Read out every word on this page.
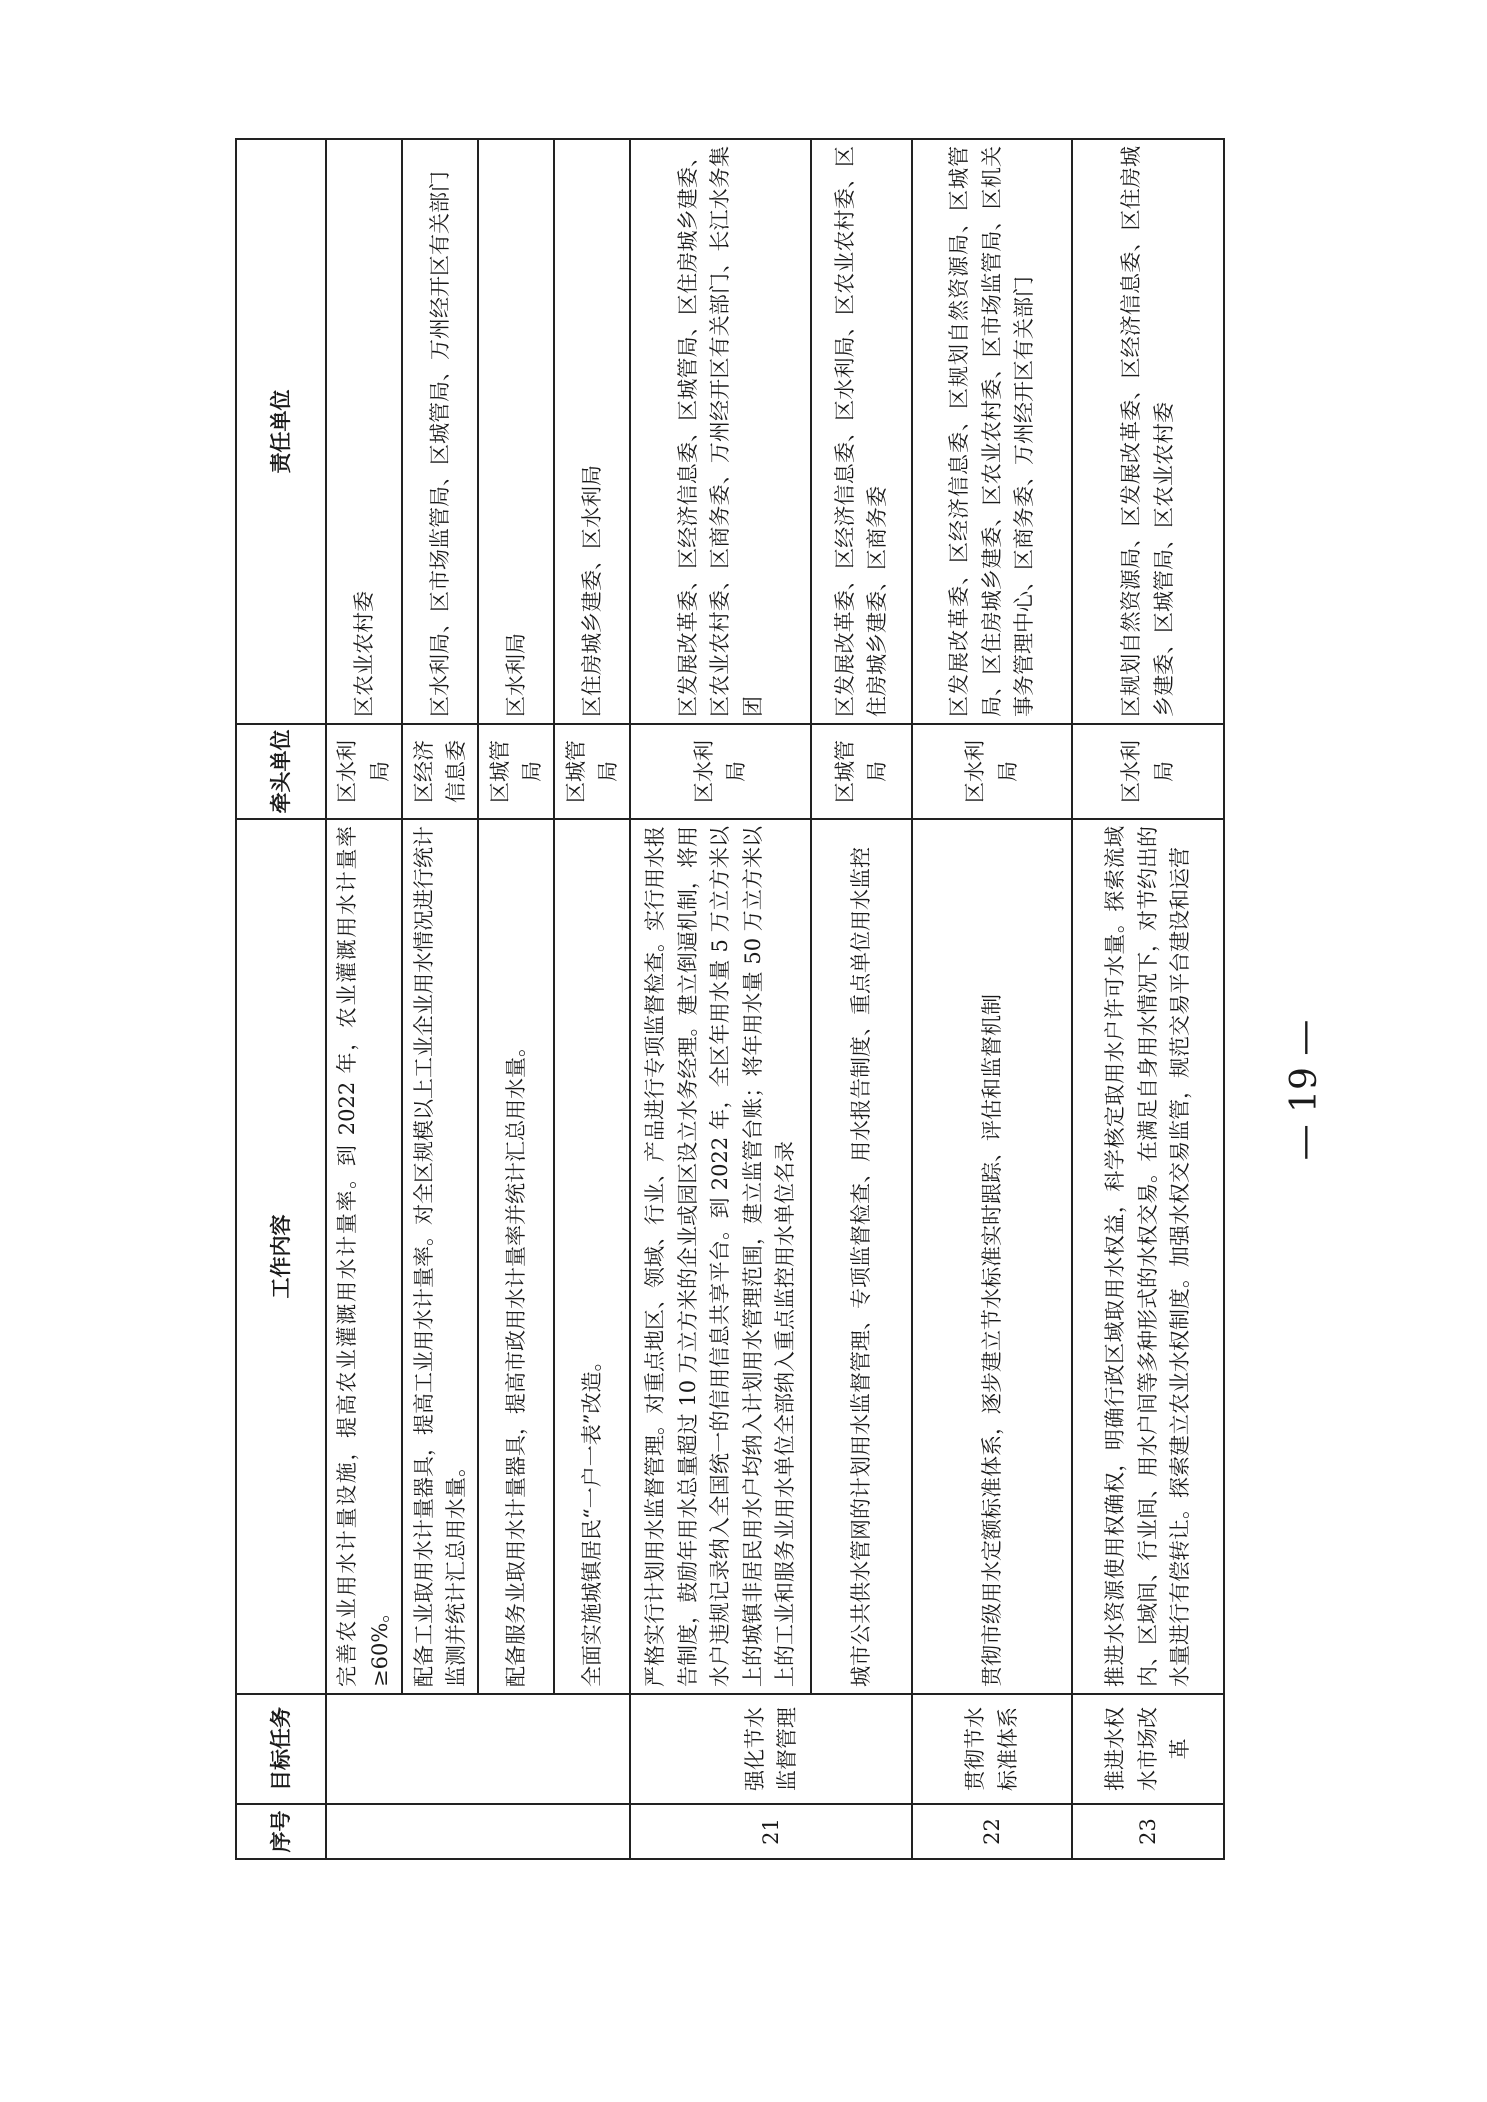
序号	目标任务	工作内容	牵头单位	责任单位
		完善农业用水计量设施，提高农业灌溉用水计量率。到 2022 年，农业灌溉用水计量率≥60%。	区水利局	区农业农村委
		配备工业取用水计量器具，提高工业用水计量率。对全区规模以上工业企业用水情况进行统计监测并统计汇总用水量。	区经济信息委	区水利局、区市场监管局、区城管局、万州经开区有关部门
		配备服务业取用水计量器具，提高市政用水计量率并统计汇总用水量。	区城管局	区水利局
		全面实施城镇居民“一户一表”改造。	区城管局	区住房城乡建委、区水利局
21	强化节水监督管理	严格实行计划用水监督管理。对重点地区、领域、行业、产品进行专项监督检查。实行用水报告制度，鼓励年用水总量超过 10 万立方米的企业或园区设立水务经理。建立倒逼机制，将用水户违规记录纳入全国统一的信用信息共享平台。到 2022 年，全区年用水量 5 万立方米以上的城镇非居民用水户均纳入计划用水管理范围，建立监管台账；将年用水量 50 万立方米以上的工业和服务业用水单位全部纳入重点监控用水单位名录	区水利局	区发展改革委、区经济信息委、区城管局、区住房城乡建委、区农业农村委、区商务委、万州经开区有关部门、长江水务集团
		城市公共供水管网的计划用水监督管理、专项监督检查、用水报告制度、重点单位用水监控	区城管局	区发展改革委、区经济信息委、区水利局、区农业农村委、区住房城乡建委、区商务委
22	贯彻节水标准体系	贯彻市级用水定额标准体系，逐步建立节水标准实时跟踪、评估和监督机制	区水利局	区发展改革委、区经济信息委、区规划自然资源局、区城管局、区住房城乡建委、区农业农村委、区市场监管局、区机关事务管理中心、区商务委、万州经开区有关部门
23	推进水权水市场改革	推进水资源使用权确权，明确行政区域取用水权益，科学核定取用水户许可水量。探索流域内、区域间、行业间、用水户间等多种形式的水权交易。在满足自身用水情况下，对节约出的水量进行有偿转让。探索建立农业水权制度。加强水权交易监管，规范交易平台建设和运营	区水利局	区规划自然资源局、区发展改革委、区经济信息委、区住房城乡建委、区城管局、区农业农村委
— 19 —
